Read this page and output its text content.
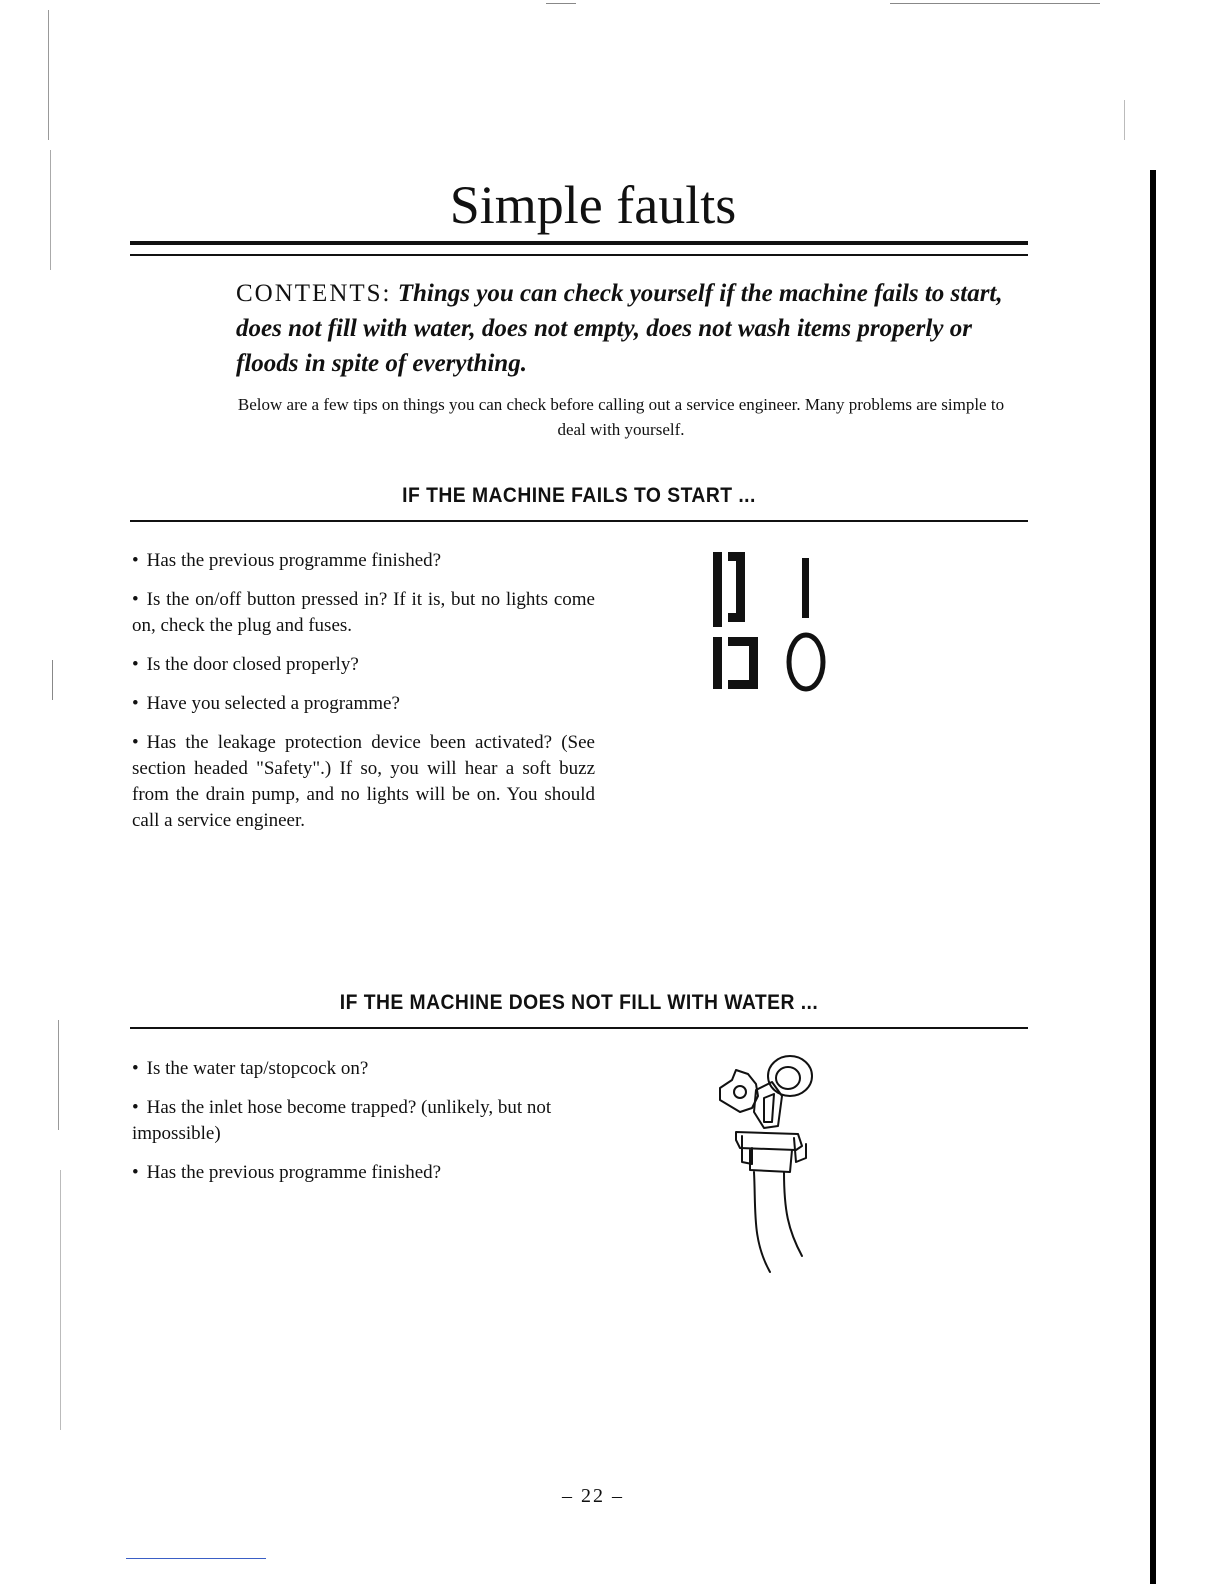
Simple faults
CONTENTS: Things you can check yourself if the machine fails to start, does not fill with water, does not empty, does not wash items properly or floods in spite of everything.
Below are a few tips on things you can check before calling out a service engineer. Many problems are simple to deal with yourself.
IF THE MACHINE FAILS TO START ...
• Has the previous programme finished?
• Is the on/off button pressed in? If it is, but no lights come on, check the plug and fuses.
• Is the door closed properly?
• Have you selected a programme?
• Has the leakage protection device been activated? (See section headed "Safety".) If so, you will hear a soft buzz from the drain pump, and no lights will be on. You should call a service engineer.
IF THE MACHINE DOES NOT FILL WITH WATER ...
• Is the water tap/stopcock on?
• Has the inlet hose become trapped? (unlikely, but not impossible)
• Has the previous programme finished?
– 22 –
